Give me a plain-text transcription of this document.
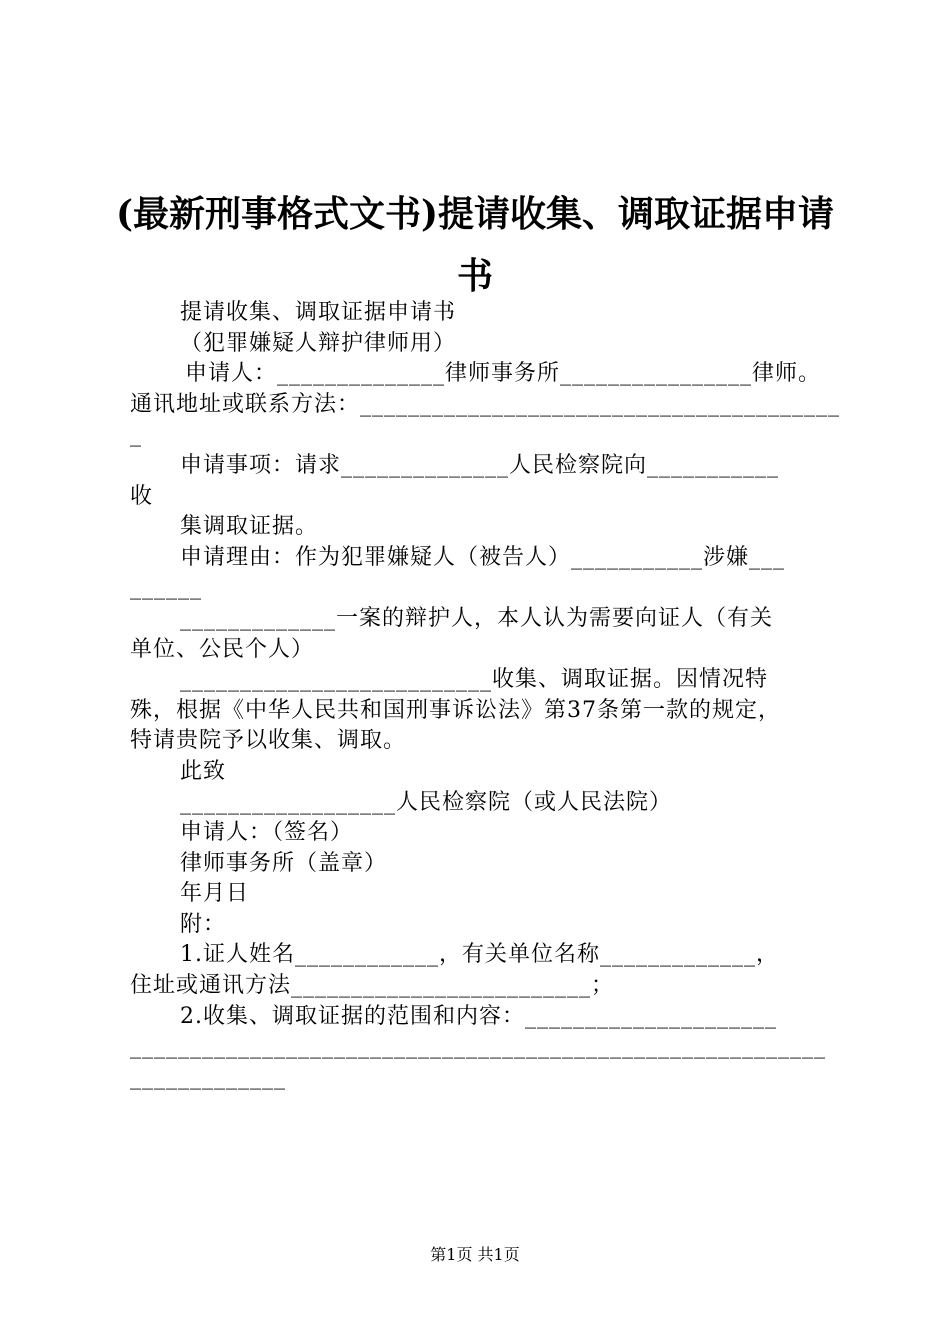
(最新刑事格式文书)提请收集、调取证据申请
书

提请收集、调取证据申请书

（犯罪嫌疑人辩护律师用）

申请人：______________律师事务所________________律师。

通讯地址或联系方法：________________________________________

_

申请事项：请求______________人民检察院向___________

收

集调取证据。

申请理由：作为犯罪嫌疑人（被告人）___________涉嫌___

______

_____________一案的辩护人，本人认为需要向证人（有关

单位、公民个人）

__________________________收集、调取证据。因情况特

殊，根据《中华人民共和国刑事诉讼法》第37条第一款的规定，

特请贵院予以收集、调取。

此致

__________________人民检察院（或人民法院）

申请人：（签名）

律师事务所（盖章）

年月日

附：

1.证人姓名____________，有关单位名称_____________，

住址或通讯方法_________________________；

2.收集、调取证据的范围和内容：_____________________

__________________________________________________________

_____________

第1页 共1页
